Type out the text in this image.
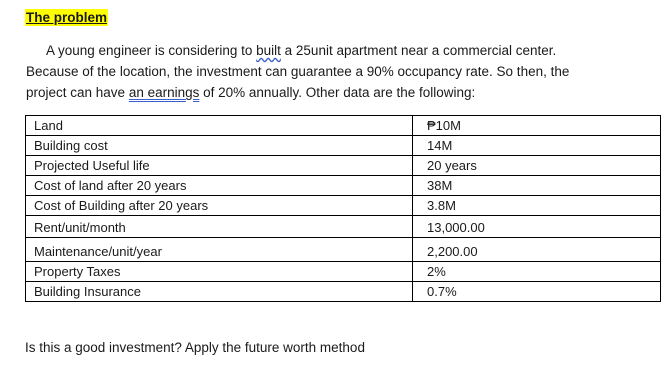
The problem
A young engineer is considering to built a 25unit apartment near a commercial center.
Because of the location, the investment can guarantee a 90% occupancy rate. So then, the
project can have an earnings of 20% annually. Other data are the following:
Land	₱10M
Building cost	14M
Projected Useful life	20 years
Cost of land after 20 years	38M
Cost of Building after 20 years	3.8M
Rent/unit/month	13,000.00
Maintenance/unit/year	2,200.00
Property Taxes	2%
Building Insurance	0.7%
Is this a good investment? Apply the future worth method
